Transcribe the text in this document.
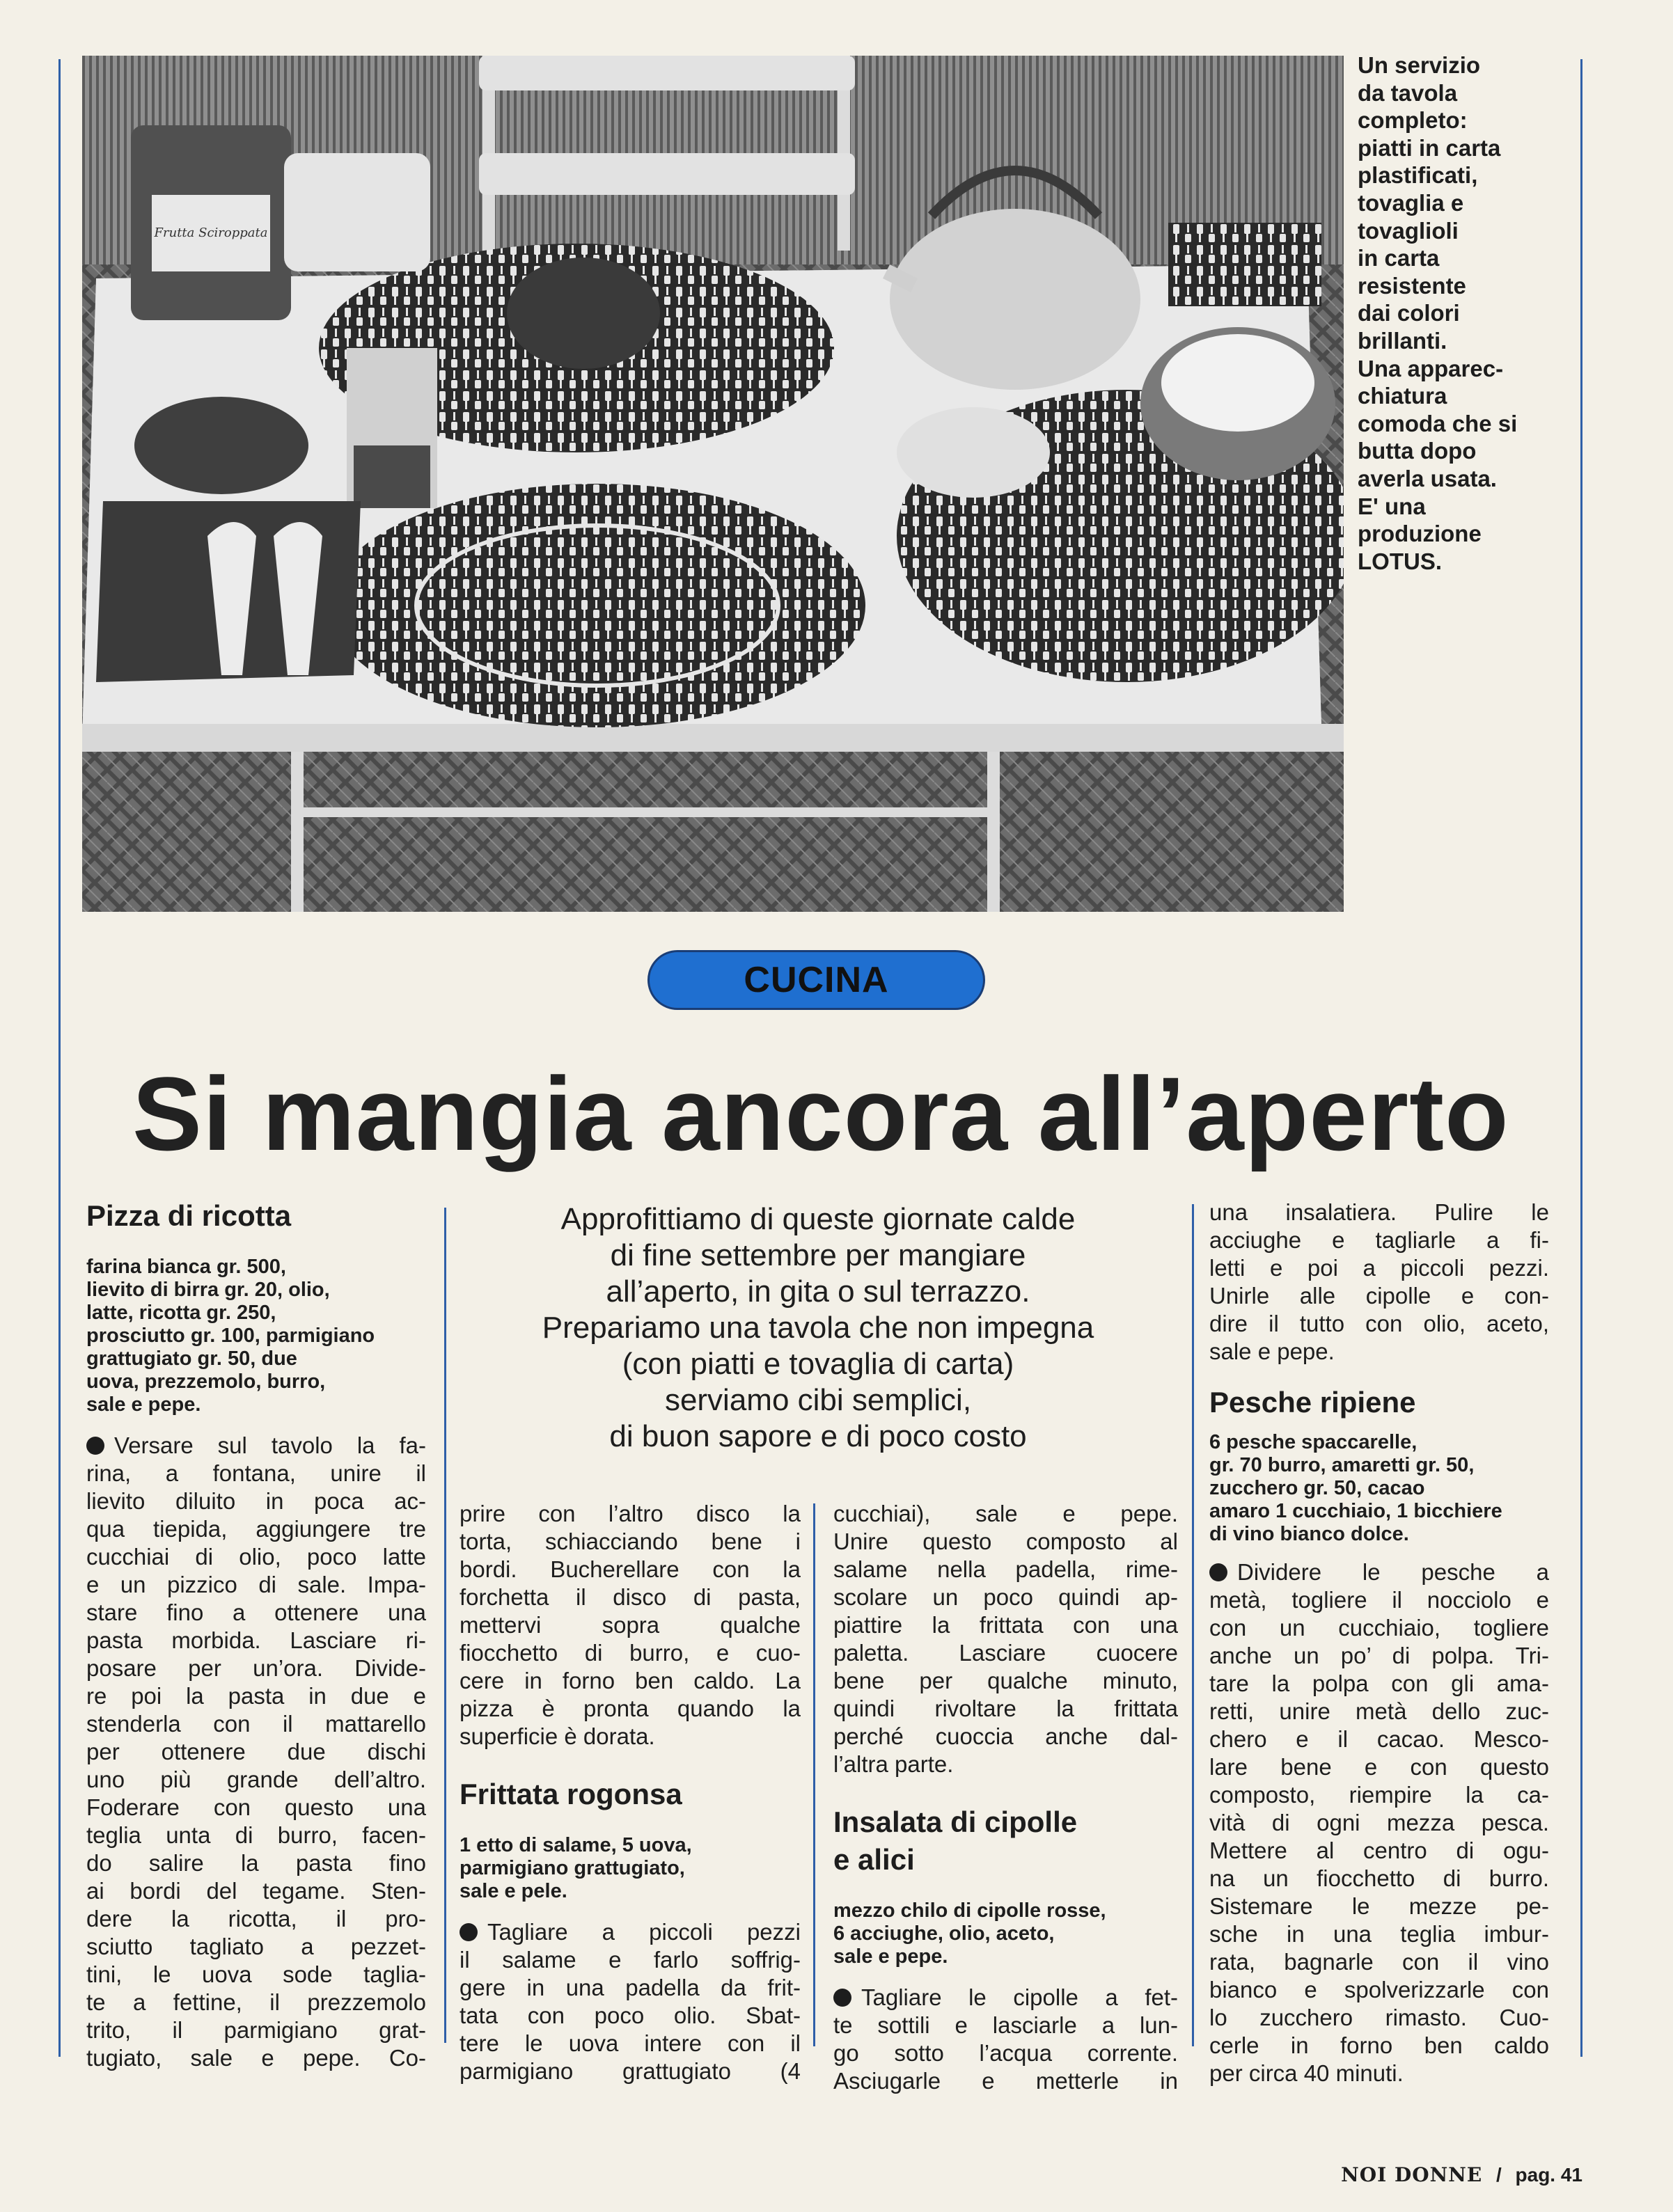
Frutta Sciroppata
Un servizio
da tavola
completo:
piatti in carta
plastificati,
tovaglia e
tovaglioli
in carta
resistente
dai colori
brillanti.
Una apparec-
chiatura
comoda che si
butta dopo
averla usata.
E' una
produzione
LOTUS.
CUCINA
Si mangia ancora all’aperto
Pizza di ricotta
farina bianca gr. 500,
lievito di birra gr. 20, olio,
latte, ricotta gr. 250,
prosciutto gr. 100, parmigiano
grattugiato gr. 50, due
uova, prezzemolo, burro,
sale e pepe.
Versare sul tavolo la fa-
rina, a fontana, unire il
lievito diluito in poca ac-
qua tiepida, aggiungere tre
cucchiai di olio, poco latte
e un pizzico di sale. Impa-
stare fino a ottenere una
pasta morbida. Lasciare ri-
posare per un’ora. Divide-
re poi la pasta in due e
stenderla con il mattarello
per ottenere due dischi
uno più grande dell’altro.
Foderare con questo una
teglia unta di burro, facen-
do salire la pasta fino
ai bordi del tegame. Sten-
dere la ricotta, il pro-
sciutto tagliato a pezzet-
tini, le uova sode taglia-
te a fettine, il prezzemolo
trito, il parmigiano grat-
tugiato, sale e pepe. Co-
Approfittiamo di queste giornate calde
di fine settembre per mangiare
all’aperto, in gita o sul terrazzo.
Prepariamo una tavola che non impegna
(con piatti e tovaglia di carta)
serviamo cibi semplici,
di buon sapore e di poco costo
prire con l’altro disco la
torta, schiacciando bene i
bordi. Bucherellare con la
forchetta il disco di pasta,
mettervi sopra qualche
fiocchetto di burro, e cuo-
cere in forno ben caldo. La
pizza è pronta quando la
superficie è dorata.
Frittata rogonsa
1 etto di salame, 5 uova,
parmigiano grattugiato,
sale e pele.
Tagliare a piccoli pezzi
il salame e farlo soffrig-
gere in una padella da frit-
tata con poco olio. Sbat-
tere le uova intere con il
parmigiano grattugiato (4
cucchiai), sale e pepe.
Unire questo composto al
salame nella padella, rime-
scolare un poco quindi ap-
piattire la frittata con una
paletta. Lasciare cuocere
bene per qualche minuto,
quindi rivoltare la frittata
perché cuoccia anche dal-
l’altra parte.
Insalata di cipolle
e alici
mezzo chilo di cipolle rosse,
6 acciughe, olio, aceto,
sale e pepe.
Tagliare le cipolle a fet-
te sottili e lasciarle a lun-
go sotto l’acqua corrente.
Asciugarle e metterle in
una insalatiera. Pulire le
acciughe e tagliarle a fi-
letti e poi a piccoli pezzi.
Unirle alle cipolle e con-
dire il tutto con olio, aceto,
sale e pepe.
Pesche ripiene
6 pesche spaccarelle,
gr. 70 burro, amaretti gr. 50,
zucchero gr. 50, cacao
amaro 1 cucchiaio, 1 bicchiere
di vino bianco dolce.
Dividere le pesche a
metà, togliere il nocciolo e
con un cucchiaio, togliere
anche un po’ di polpa. Tri-
tare la polpa con gli ama-
retti, unire metà dello zuc-
chero e il cacao. Mesco-
lare bene e con questo
composto, riempire la ca-
vità di ogni mezza pesca.
Mettere al centro di ogu-
na un fiocchetto di burro.
Sistemare le mezze pe-
sche in una teglia imbur-
rata, bagnarle con il vino
bianco e spolverizzarle con
lo zucchero rimasto. Cuo-
cerle in forno ben caldo
per circa 40 minuti.
NOI DONNE / pag. 41
